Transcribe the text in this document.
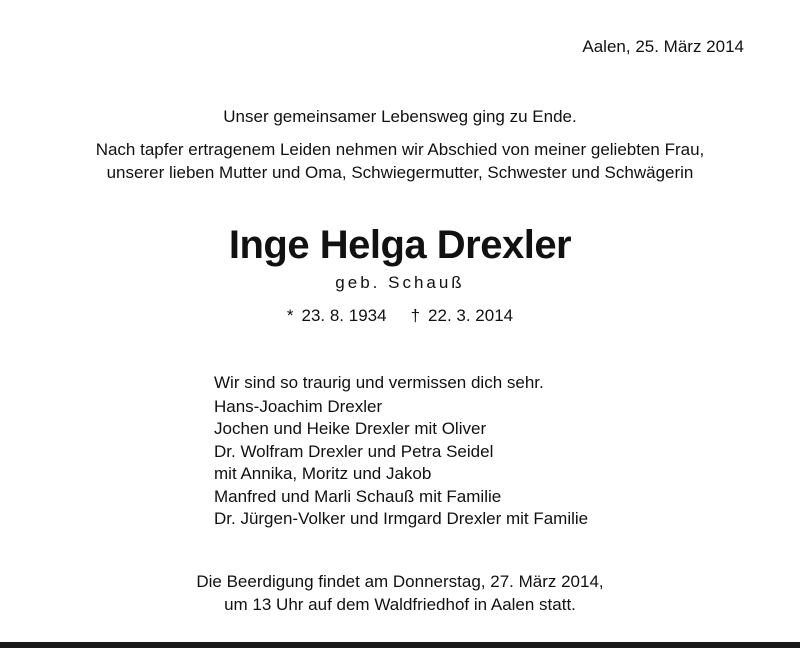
Aalen, 25. März 2014
Unser gemeinsamer Lebensweg ging zu Ende.
Nach tapfer ertragenem Leiden nehmen wir Abschied von meiner geliebten Frau,
unserer lieben Mutter und Oma, Schwiegermutter, Schwester und Schwägerin
Inge Helga Drexler
geb. Schauß
* 23. 8. 1934 † 22. 3. 2014
Wir sind so traurig und vermissen dich sehr.
Hans-Joachim Drexler
Jochen und Heike Drexler mit Oliver
Dr. Wolfram Drexler und Petra Seidel
mit Annika, Moritz und Jakob
Manfred und Marli Schauß mit Familie
Dr. Jürgen-Volker und Irmgard Drexler mit Familie
Die Beerdigung findet am Donnerstag, 27. März 2014,
um 13 Uhr auf dem Waldfriedhof in Aalen statt.
